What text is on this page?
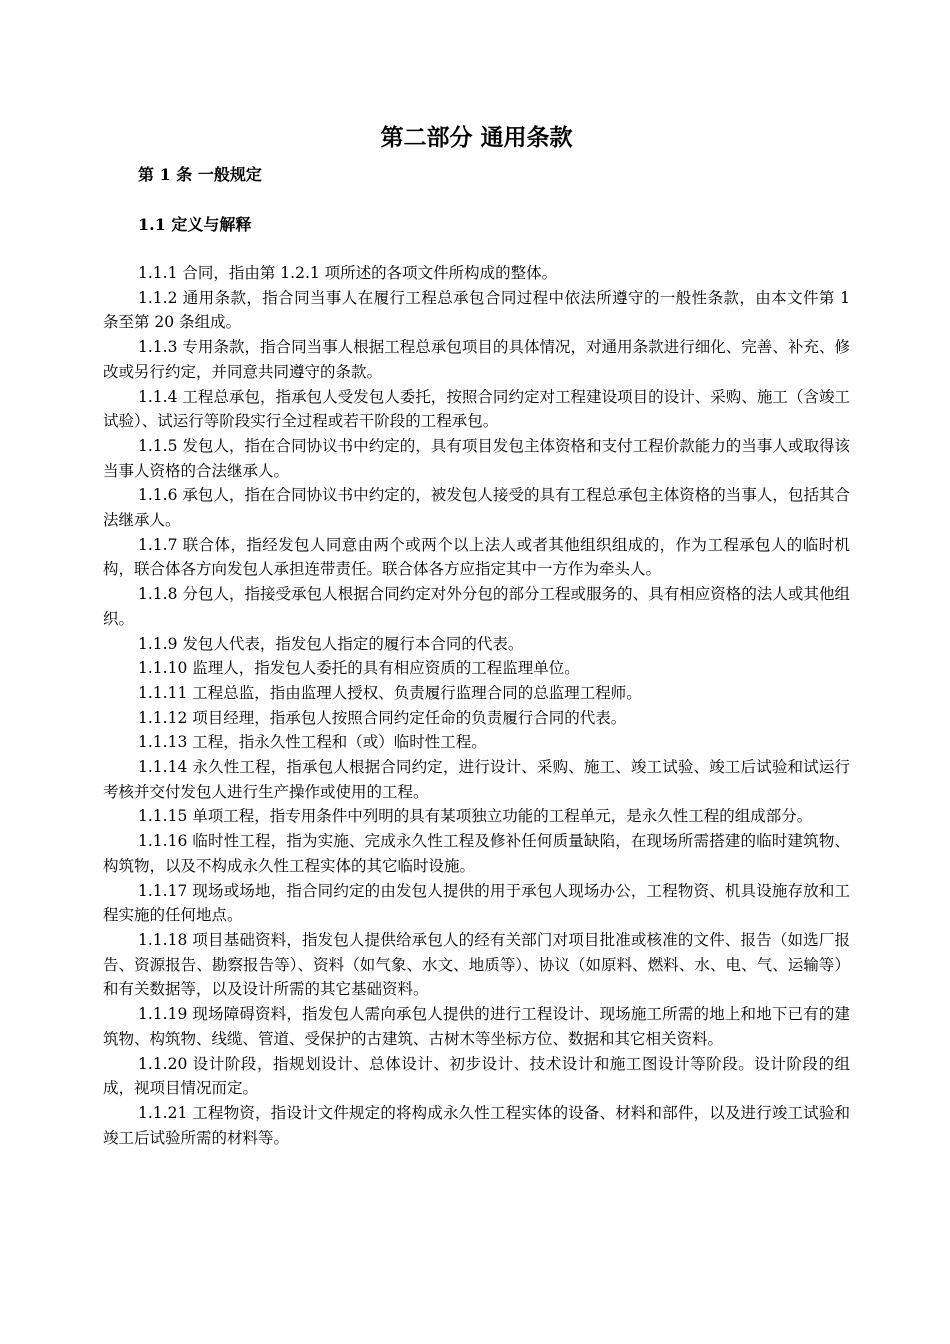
第二部分 通用条款
第 1 条 一般规定
1.1 定义与解释

1.1.1 合同，指由第 1.2.1 项所述的各项文件所构成的整体。

1.1.2 通用条款，指合同当事人在履行工程总承包合同过程中依法所遵守的一般性条款，由本文件第 1 条至第 20 条组成。

1.1.3 专用条款，指合同当事人根据工程总承包项目的具体情况，对通用条款进行细化、完善、补充、修改或另行约定，并同意共同遵守的条款。

1.1.4 工程总承包，指承包人受发包人委托，按照合同约定对工程建设项目的设计、采购、施工（含竣工试验）、试运行等阶段实行全过程或若干阶段的工程承包。

1.1.5 发包人，指在合同协议书中约定的，具有项目发包主体资格和支付工程价款能力的当事人或取得该当事人资格的合法继承人。

1.1.6 承包人，指在合同协议书中约定的，被发包人接受的具有工程总承包主体资格的当事人，包括其合法继承人。

1.1.7 联合体，指经发包人同意由两个或两个以上法人或者其他组织组成的，作为工程承包人的临时机构，联合体各方向发包人承担连带责任。联合体各方应指定其中一方作为牵头人。

1.1.8 分包人，指接受承包人根据合同约定对外分包的部分工程或服务的、具有相应资格的法人或其他组织。

1.1.9 发包人代表，指发包人指定的履行本合同的代表。

1.1.10 监理人，指发包人委托的具有相应资质的工程监理单位。

1.1.11 工程总监，指由监理人授权、负责履行监理合同的总监理工程师。

1.1.12 项目经理，指承包人按照合同约定任命的负责履行合同的代表。

1.1.13 工程，指永久性工程和（或）临时性工程。

1.1.14 永久性工程，指承包人根据合同约定，进行设计、采购、施工、竣工试验、竣工后试验和试运行考核并交付发包人进行生产操作或使用的工程。

1.1.15 单项工程，指专用条件中列明的具有某项独立功能的工程单元，是永久性工程的组成部分。

1.1.16 临时性工程，指为实施、完成永久性工程及修补任何质量缺陷，在现场所需搭建的临时建筑物、构筑物，以及不构成永久性工程实体的其它临时设施。

1.1.17 现场或场地，指合同约定的由发包人提供的用于承包人现场办公，工程物资、机具设施存放和工程实施的任何地点。

1.1.18 项目基础资料，指发包人提供给承包人的经有关部门对项目批准或核准的文件、报告（如选厂报告、资源报告、勘察报告等）、资料（如气象、水文、地质等）、协议（如原料、燃料、水、电、气、运输等）和有关数据等，以及设计所需的其它基础资料。

1.1.19 现场障碍资料，指发包人需向承包人提供的进行工程设计、现场施工所需的地上和地下已有的建筑物、构筑物、线缆、管道、受保护的古建筑、古树木等坐标方位、数据和其它相关资料。

1.1.20 设计阶段，指规划设计、总体设计、初步设计、技术设计和施工图设计等阶段。设计阶段的组成，视项目情况而定。

1.1.21 工程物资，指设计文件规定的将构成永久性工程实体的设备、材料和部件，以及进行竣工试验和竣工后试验所需的材料等。
